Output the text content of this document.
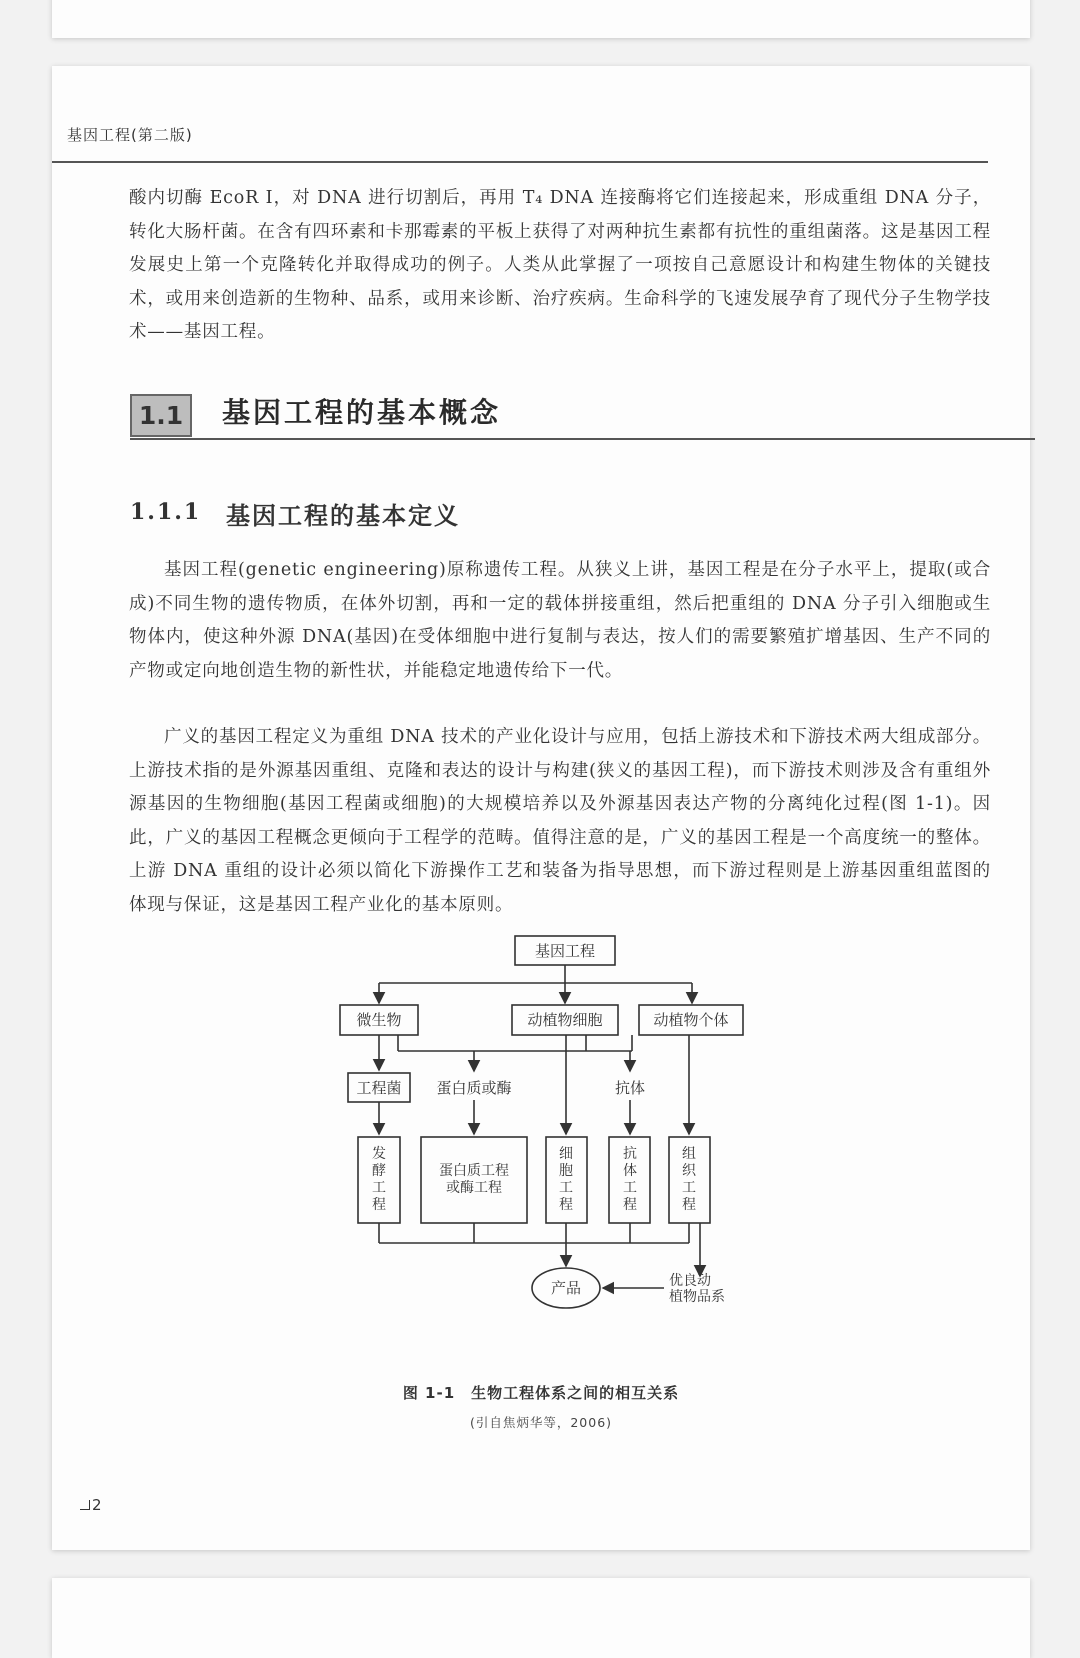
基因工程(第二版)
酸内切酶 EcoR Ⅰ，对 DNA 进行切割后，再用 T₄ DNA 连接酶将它们连接起来，形成重组 DNA 分子，转化大肠杆菌。在含有四环素和卡那霉素的平板上获得了对两种抗生素都有抗性的重组菌落。这是基因工程发展史上第一个克隆转化并取得成功的例子。人类从此掌握了一项按自己意愿设计和构建生物体的关键技术，或用来创造新的生物种、品系，或用来诊断、治疗疾病。生命科学的飞速发展孕育了现代分子生物学技术——基因工程。
1.1	基因工程的基本概念
1.1.1 基因工程的基本定义
基因工程(genetic engineering)原称遗传工程。从狭义上讲，基因工程是在分子水平上，提取(或合成)不同生物的遗传物质，在体外切割，再和一定的载体拼接重组，然后把重组的 DNA 分子引入细胞或生物体内，使这种外源 DNA(基因)在受体细胞中进行复制与表达，按人们的需要繁殖扩增基因、生产不同的产物或定向地创造生物的新性状，并能稳定地遗传给下一代。
广义的基因工程定义为重组 DNA 技术的产业化设计与应用，包括上游技术和下游技术两大组成部分。上游技术指的是外源基因重组、克隆和表达的设计与构建(狭义的基因工程)，而下游技术则涉及含有重组外源基因的生物细胞(基因工程菌或细胞)的大规模培养以及外源基因表达产物的分离纯化过程(图 1-1)。因此，广义的基因工程概念更倾向于工程学的范畴。值得注意的是，广义的基因工程是一个高度统一的整体。上游 DNA 重组的设计必须以简化下游操作工艺和装备为指导思想，而下游过程则是上游基因重组蓝图的体现与保证，这是基因工程产业化的基本原则。
基因工程
微生物	动植物细胞	动植物个体
工程菌 蛋白质或酶	抗体
产品
发
酵
工
程
细
胞
工
程
抗
体
工
程
组
织
工
程
蛋白质工程
或酶工程
优良动
植物品系
图 1-1　生物工程体系之间的相互关系
(引自焦炳华等，2006)
2
